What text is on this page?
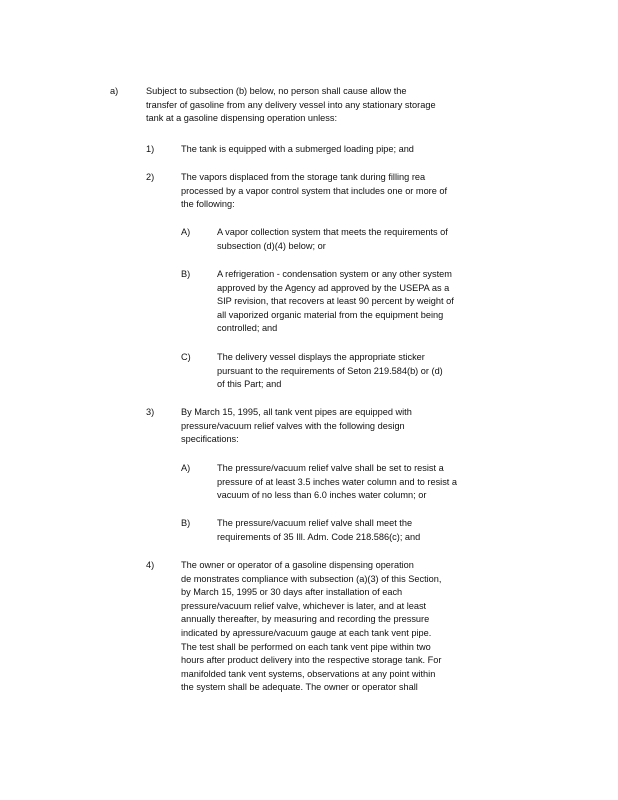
a)	Subject to subsection (b) below, no person shall cause allow the
transfer of gasoline from any delivery vessel into any stationary storage
tank at a gasoline dispensing operation unless:
1)	The tank is equipped with a submerged loading pipe; and
2)	The vapors displaced from the storage tank during filling rea
processed by a vapor control system that includes one or more of
the following:
A)	A vapor collection system that meets the requirements of
subsection (d)(4) below; or
B)	A refrigeration - condensation system or any other system
approved by the Agency ad approved by the USEPA as a
SIP revision, that recovers at least 90 percent by weight of
all vaporized organic material from the equipment being
controlled; and
C)	The delivery vessel displays the appropriate sticker
pursuant to the requirements of Seton 219.584(b) or (d)
of this Part; and
3)	By March 15, 1995, all tank vent pipes are equipped with
pressure/vacuum relief valves with the following design
specifications:
A)	The pressure/vacuum relief valve shall be set to resist a
pressure of at least 3.5 inches water column and to resist a
vacuum of no less than 6.0 inches water column; or
B)	The pressure/vacuum relief valve shall meet the
requirements of 35 Ill. Adm. Code 218.586(c); and
4)	The owner or operator of a gasoline dispensing operation
de monstrates compliance with subsection (a)(3) of this Section,
by March 15, 1995 or 30 days after installation of each
pressure/vacuum relief valve, whichever is later, and at least
annually thereafter, by measuring and recording the pressure
indicated by apressure/vacuum gauge at each tank vent pipe.
The test shall be performed on each tank vent pipe within two
hours after product delivery into the respective storage tank. For
manifolded tank vent systems, observations at any point within
the system shall be adequate. The owner or operator shall
